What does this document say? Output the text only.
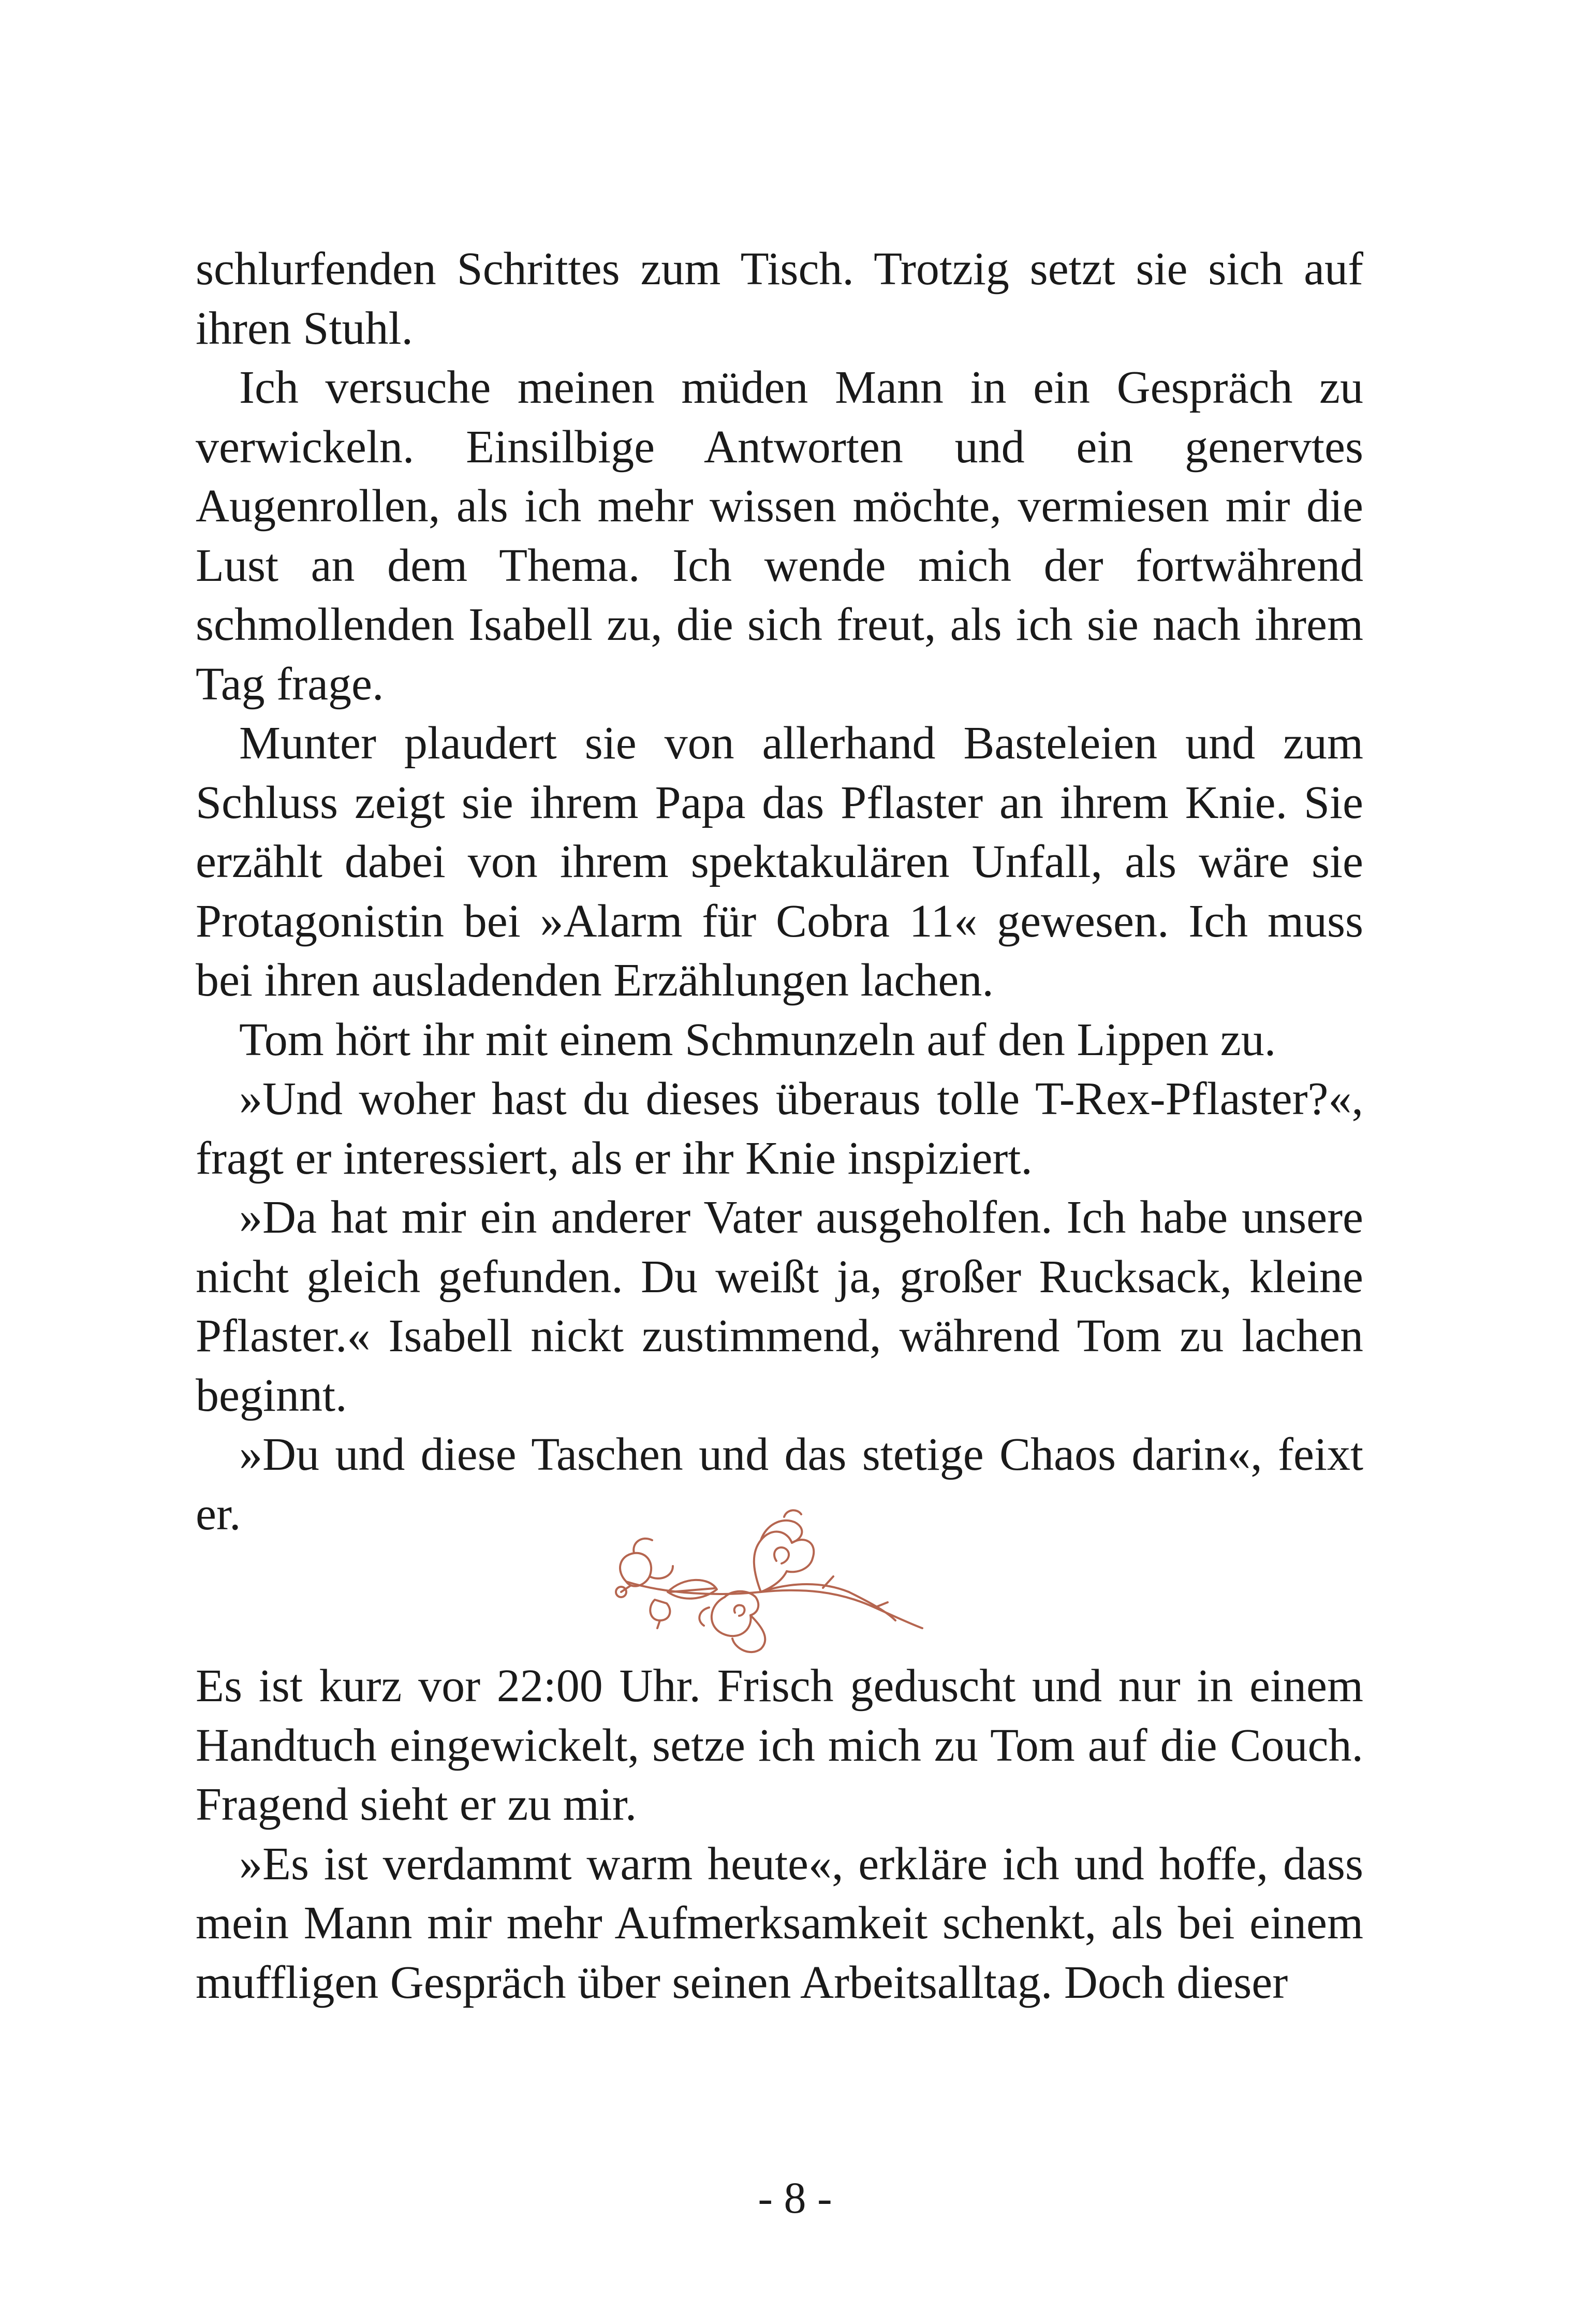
schlurfenden Schrittes zum Tisch. Trotzig setzt sie sich auf ihren Stuhl.

Ich versuche meinen müden Mann in ein Gespräch zu verwickeln. Einsilbige Antworten und ein genervtes Augenrollen, als ich mehr wissen möchte, vermiesen mir die Lust an dem Thema. Ich wende mich der fortwährend schmollenden Isabell zu, die sich freut, als ich sie nach ihrem Tag frage.

Munter plaudert sie von allerhand Basteleien und zum Schluss zeigt sie ihrem Papa das Pflaster an ihrem Knie. Sie erzählt dabei von ihrem spektakulären Unfall, als wäre sie Protagonistin bei »Alarm für Cobra 11« gewesen. Ich muss bei ihren ausladenden Erzählungen lachen.

Tom hört ihr mit einem Schmunzeln auf den Lippen zu.

»Und woher hast du dieses überaus tolle T-Rex-Pflaster?«, fragt er interessiert, als er ihr Knie inspiziert.

»Da hat mir ein anderer Vater ausgeholfen. Ich habe unsere nicht gleich gefunden. Du weißt ja, großer Rucksack, kleine Pflaster.« Isabell nickt zustimmend, während Tom zu lachen beginnt.

»Du und diese Taschen und das stetige Chaos darin«, feixt er.

Es ist kurz vor 22:00 Uhr. Frisch geduscht und nur in einem Handtuch eingewickelt, setze ich mich zu Tom auf die Couch. Fragend sieht er zu mir.

»Es ist verdammt warm heute«, erkläre ich und hoffe, dass mein Mann mir mehr Aufmerksamkeit schenkt, als bei einem muffligen Gespräch über seinen Arbeitsalltag. Doch dieser

- 8 -
